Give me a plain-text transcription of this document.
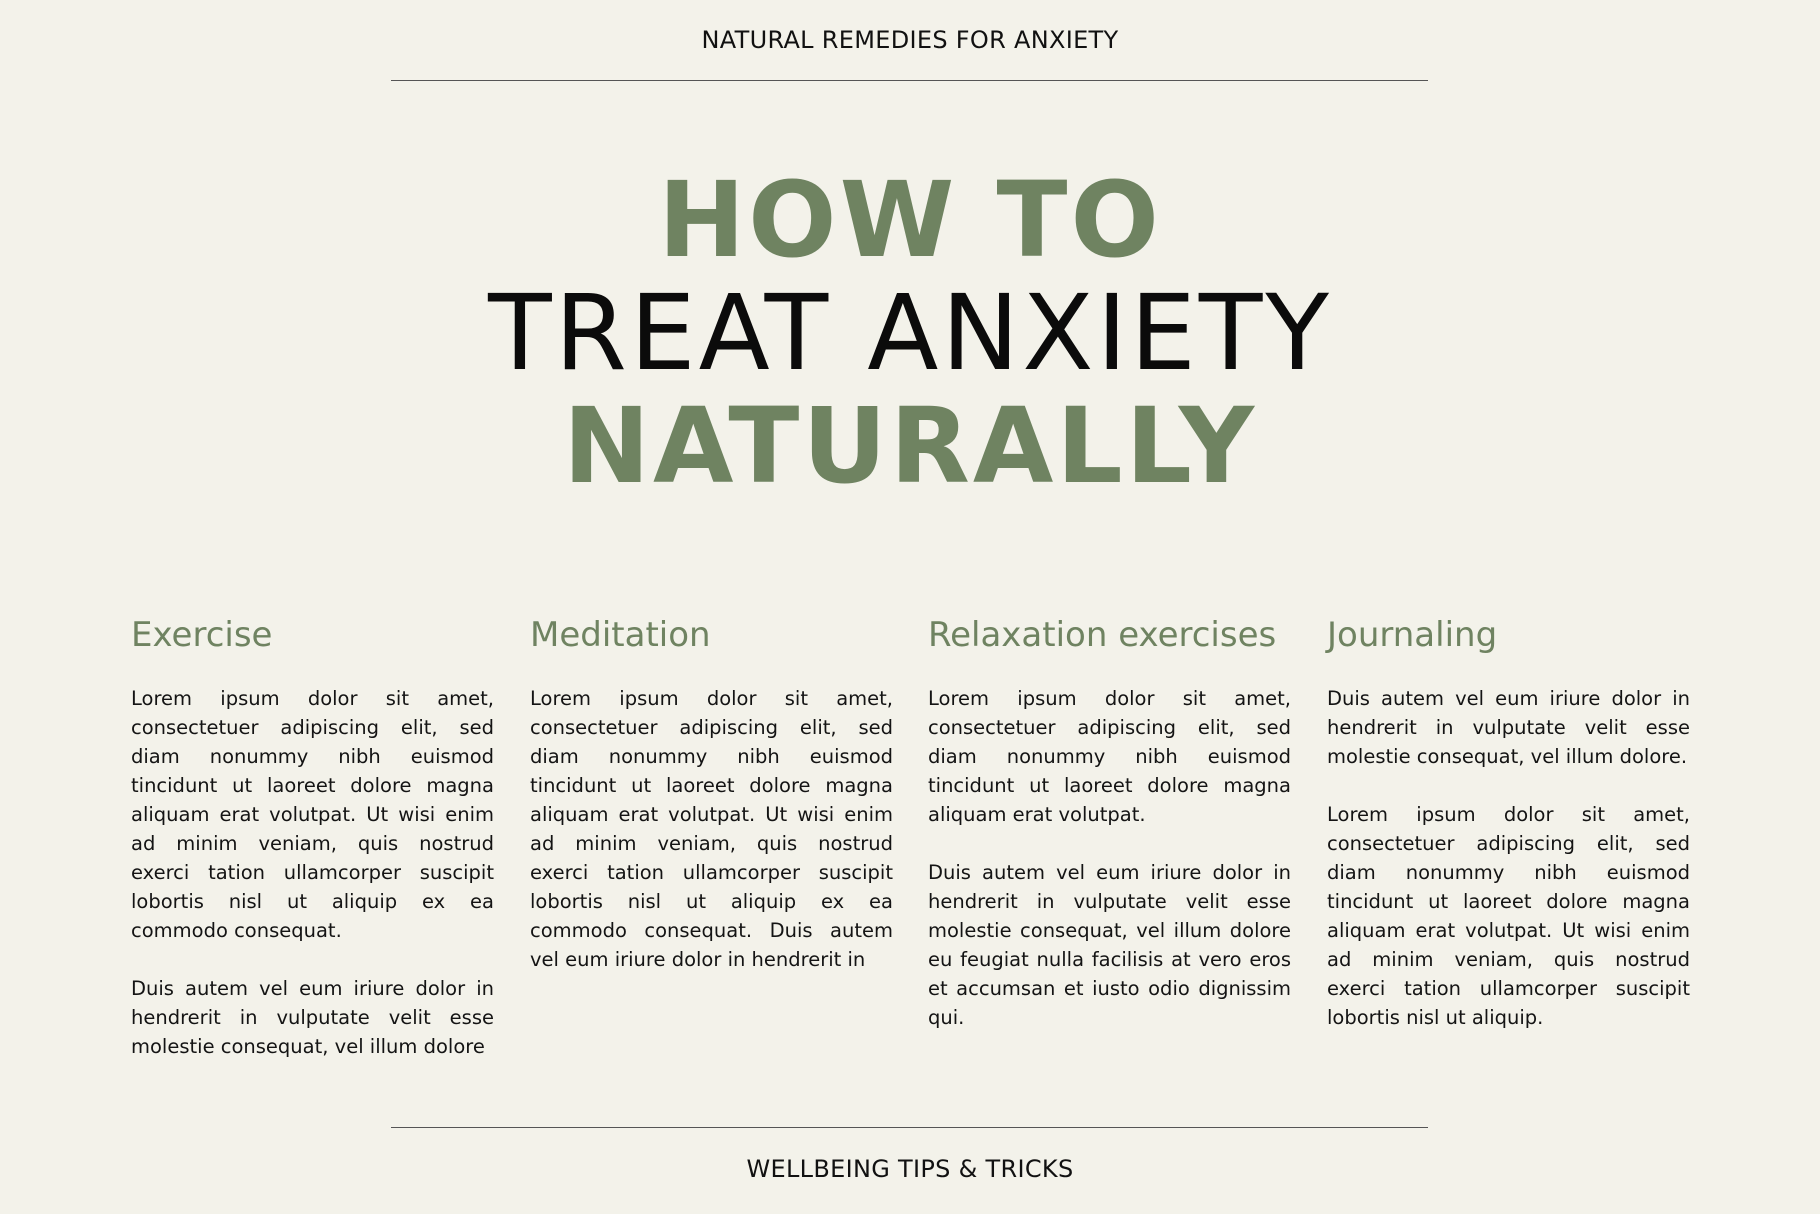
NATURAL REMEDIES FOR ANXIETY
HOW TO
TREAT ANXIETY
NATURALLY
Exercise

Lorem ipsum dolor sit amet, consectetuer adipiscing elit, sed diam nonummy nibh euismod tincidunt ut laoreet dolore magna aliquam erat volutpat. Ut wisi enim ad minim veniam, quis nostrud exerci tation ullamcorper suscipit lobortis nisl ut aliquip ex ea commodo consequat.

Duis autem vel eum iriure dolor in hendrerit in vulputate velit esse molestie consequat, vel illum dolore

Meditation

Lorem ipsum dolor sit amet, consectetuer adipiscing elit, sed diam nonummy nibh euismod tincidunt ut laoreet dolore magna aliquam erat volutpat. Ut wisi enim ad minim veniam, quis nostrud exerci tation ullamcorper suscipit lobortis nisl ut aliquip ex ea commodo consequat. Duis autem vel eum iriure dolor in hendrerit in

Relaxation exercises

Lorem ipsum dolor sit amet, consectetuer adipiscing elit, sed diam nonummy nibh euismod tincidunt ut laoreet dolore magna aliquam erat volutpat.

Duis autem vel eum iriure dolor in hendrerit in vulputate velit esse molestie consequat, vel illum dolore eu feugiat nulla facilisis at vero eros et accumsan et iusto odio dignissim qui.

Journaling

Duis autem vel eum iriure dolor in hendrerit in vulputate velit esse molestie consequat, vel illum dolore.

Lorem ipsum dolor sit amet, consectetuer adipiscing elit, sed diam nonummy nibh euismod tincidunt ut laoreet dolore magna aliquam erat volutpat. Ut wisi enim ad minim veniam, quis nostrud exerci tation ullamcorper suscipit lobortis nisl ut aliquip.

WELLBEING TIPS & TRICKS
